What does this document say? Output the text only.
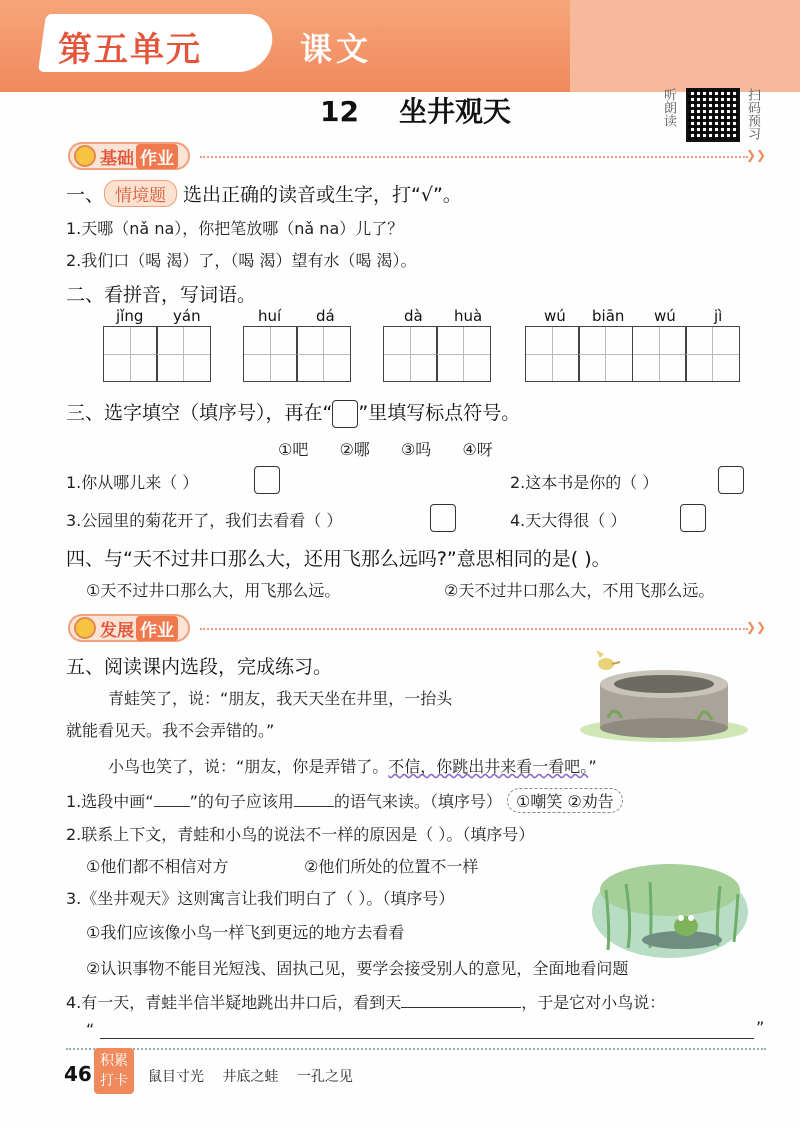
第五单元	课文
12 坐井观天	听朗读	扫码预习
基础 作业	❯❯
一、 情境题 选出正确的读音或生字，打“√”。
1.天哪（nǎ na），你把笔放哪（nǎ na）儿了？
2.我们口（喝 渴）了，（喝 渴）望有水（喝 渴）。
二、看拼音，写词语。
jǐng yán	huí dá	dà huà	wú biān wú	jì
三、选字填空（填序号），再在“ ”里填写标点符号。
①吧 ②哪 ③吗 ④呀
1.你从哪儿来（ ）	2.这本书是你的（ ）
3.公园里的菊花开了，我们去看看（ ）	4.天大得很（ ）
四、与“天不过井口那么大，还用飞那么远吗?”意思相同的是( )。
①天不过井口那么大，用飞那么远。	②天不过井口那么大，不用飞那么远。
发展 作业	❯❯
五、阅读课内选段，完成练习。
青蛙笑了，说：“朋友，我天天坐在井里，一抬头
就能看见天。我不会弄错的。”
小鸟也笑了，说：“朋友，你是弄错了。不信，你跳出井来看一看吧。”
1.选段中画“ ”的句子应该用	的语气来读。（填序号） ①嘲笑 ②劝告
2.联系上下文，青蛙和小鸟的说法不一样的原因是（ ）。（填序号）
①他们都不相信对方	②他们所处的位置不一样
3.《坐井观天》这则寓言让我们明白了（ ）。（填序号）
①我们应该像小鸟一样飞到更远的地方去看看
②认识事物不能目光短浅、固执己见，要学会接受别人的意见，全面地看问题
4.有一天，青蛙半信半疑地跳出井口后，看到天	，于是它对小鸟说：
“	”
46
积累
打卡	鼠目寸光 井底之蛙 一孔之见
